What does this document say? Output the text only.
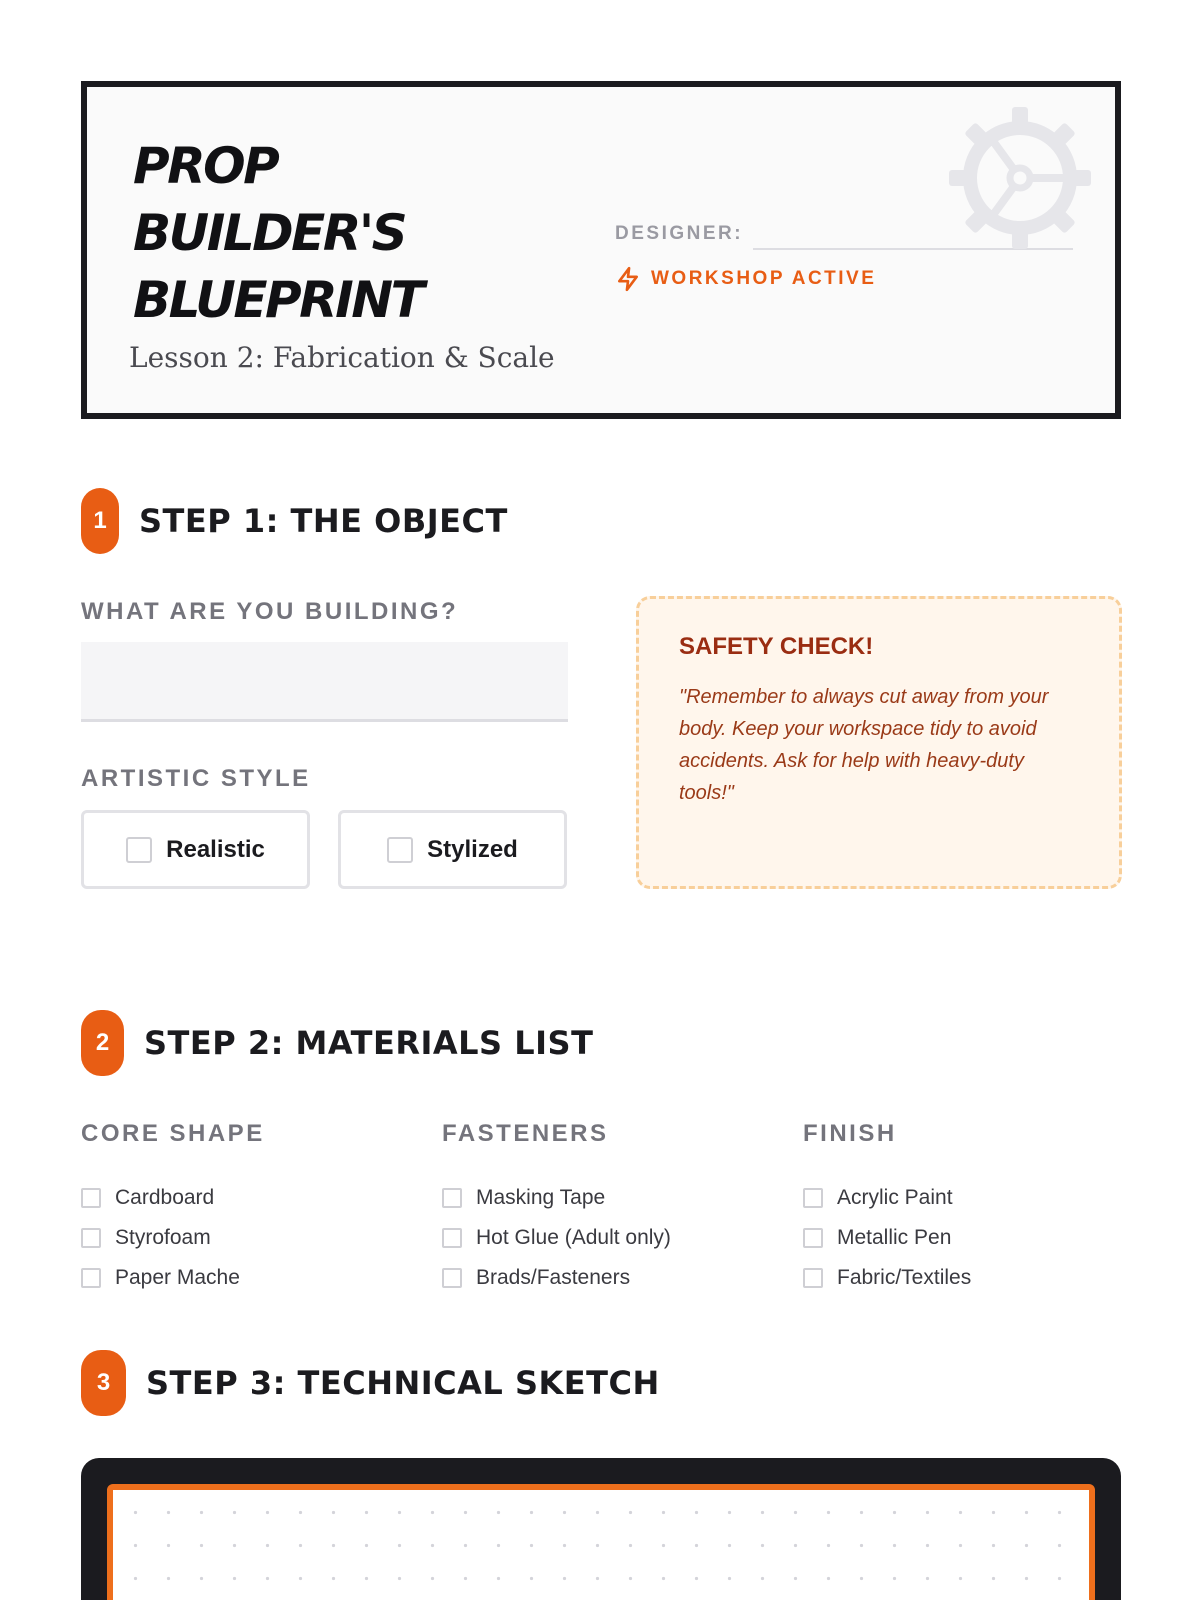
PROP
BUILDER'S
BLUEPRINT
Lesson 2: Fabrication & Scale
DESIGNER:
WORKSHOP ACTIVE
1	STEP 1: THE OBJECT
WHAT ARE YOU BUILDING?
ARTISTIC STYLE
Realistic	Stylized
SAFETY CHECK!
"Remember to always cut away from your body. Keep your workspace tidy to avoid accidents. Ask for help with heavy-duty tools!"
2	STEP 2: MATERIALS LIST
CORE SHAPE
Cardboard
Styrofoam
Paper Mache
FASTENERS
Masking Tape
Hot Glue (Adult only)
Brads/Fasteners
FINISH
Acrylic Paint
Metallic Pen
Fabric/Textiles
3	STEP 3: TECHNICAL SKETCH
